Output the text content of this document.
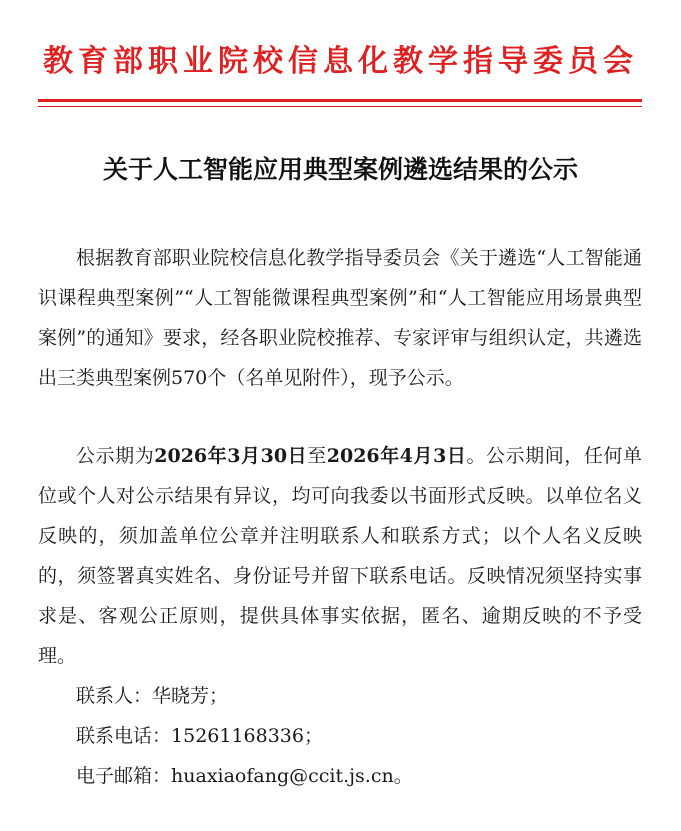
教育部职业院校信息化教学指导委员会
关于人工智能应用典型案例遴选结果的公示

根据教育部职业院校信息化教学指导委员会《关于遴选“人工智能通识课程典型案例”“人工智能微课程典型案例”和“人工智能应用场景典型案例”的通知》要求，经各职业院校推荐、专家评审与组织认定，共遴选出三类典型案例570个（名单见附件），现予公示。

公示期为2026年3月30日至2026年4月3日。公示期间，任何单位或个人对公示结果有异议，均可向我委以书面形式反映。以单位名义反映的，须加盖单位公章并注明联系人和联系方式；以个人名义反映的，须签署真实姓名、身份证号并留下联系电话。反映情况须坚持实事求是、客观公正原则，提供具体事实依据，匿名、逾期反映的不予受理。

联系人：华晓芳；
联系电话：15261168336；
电子邮箱：huaxiaofang@ccit.js.cn。
